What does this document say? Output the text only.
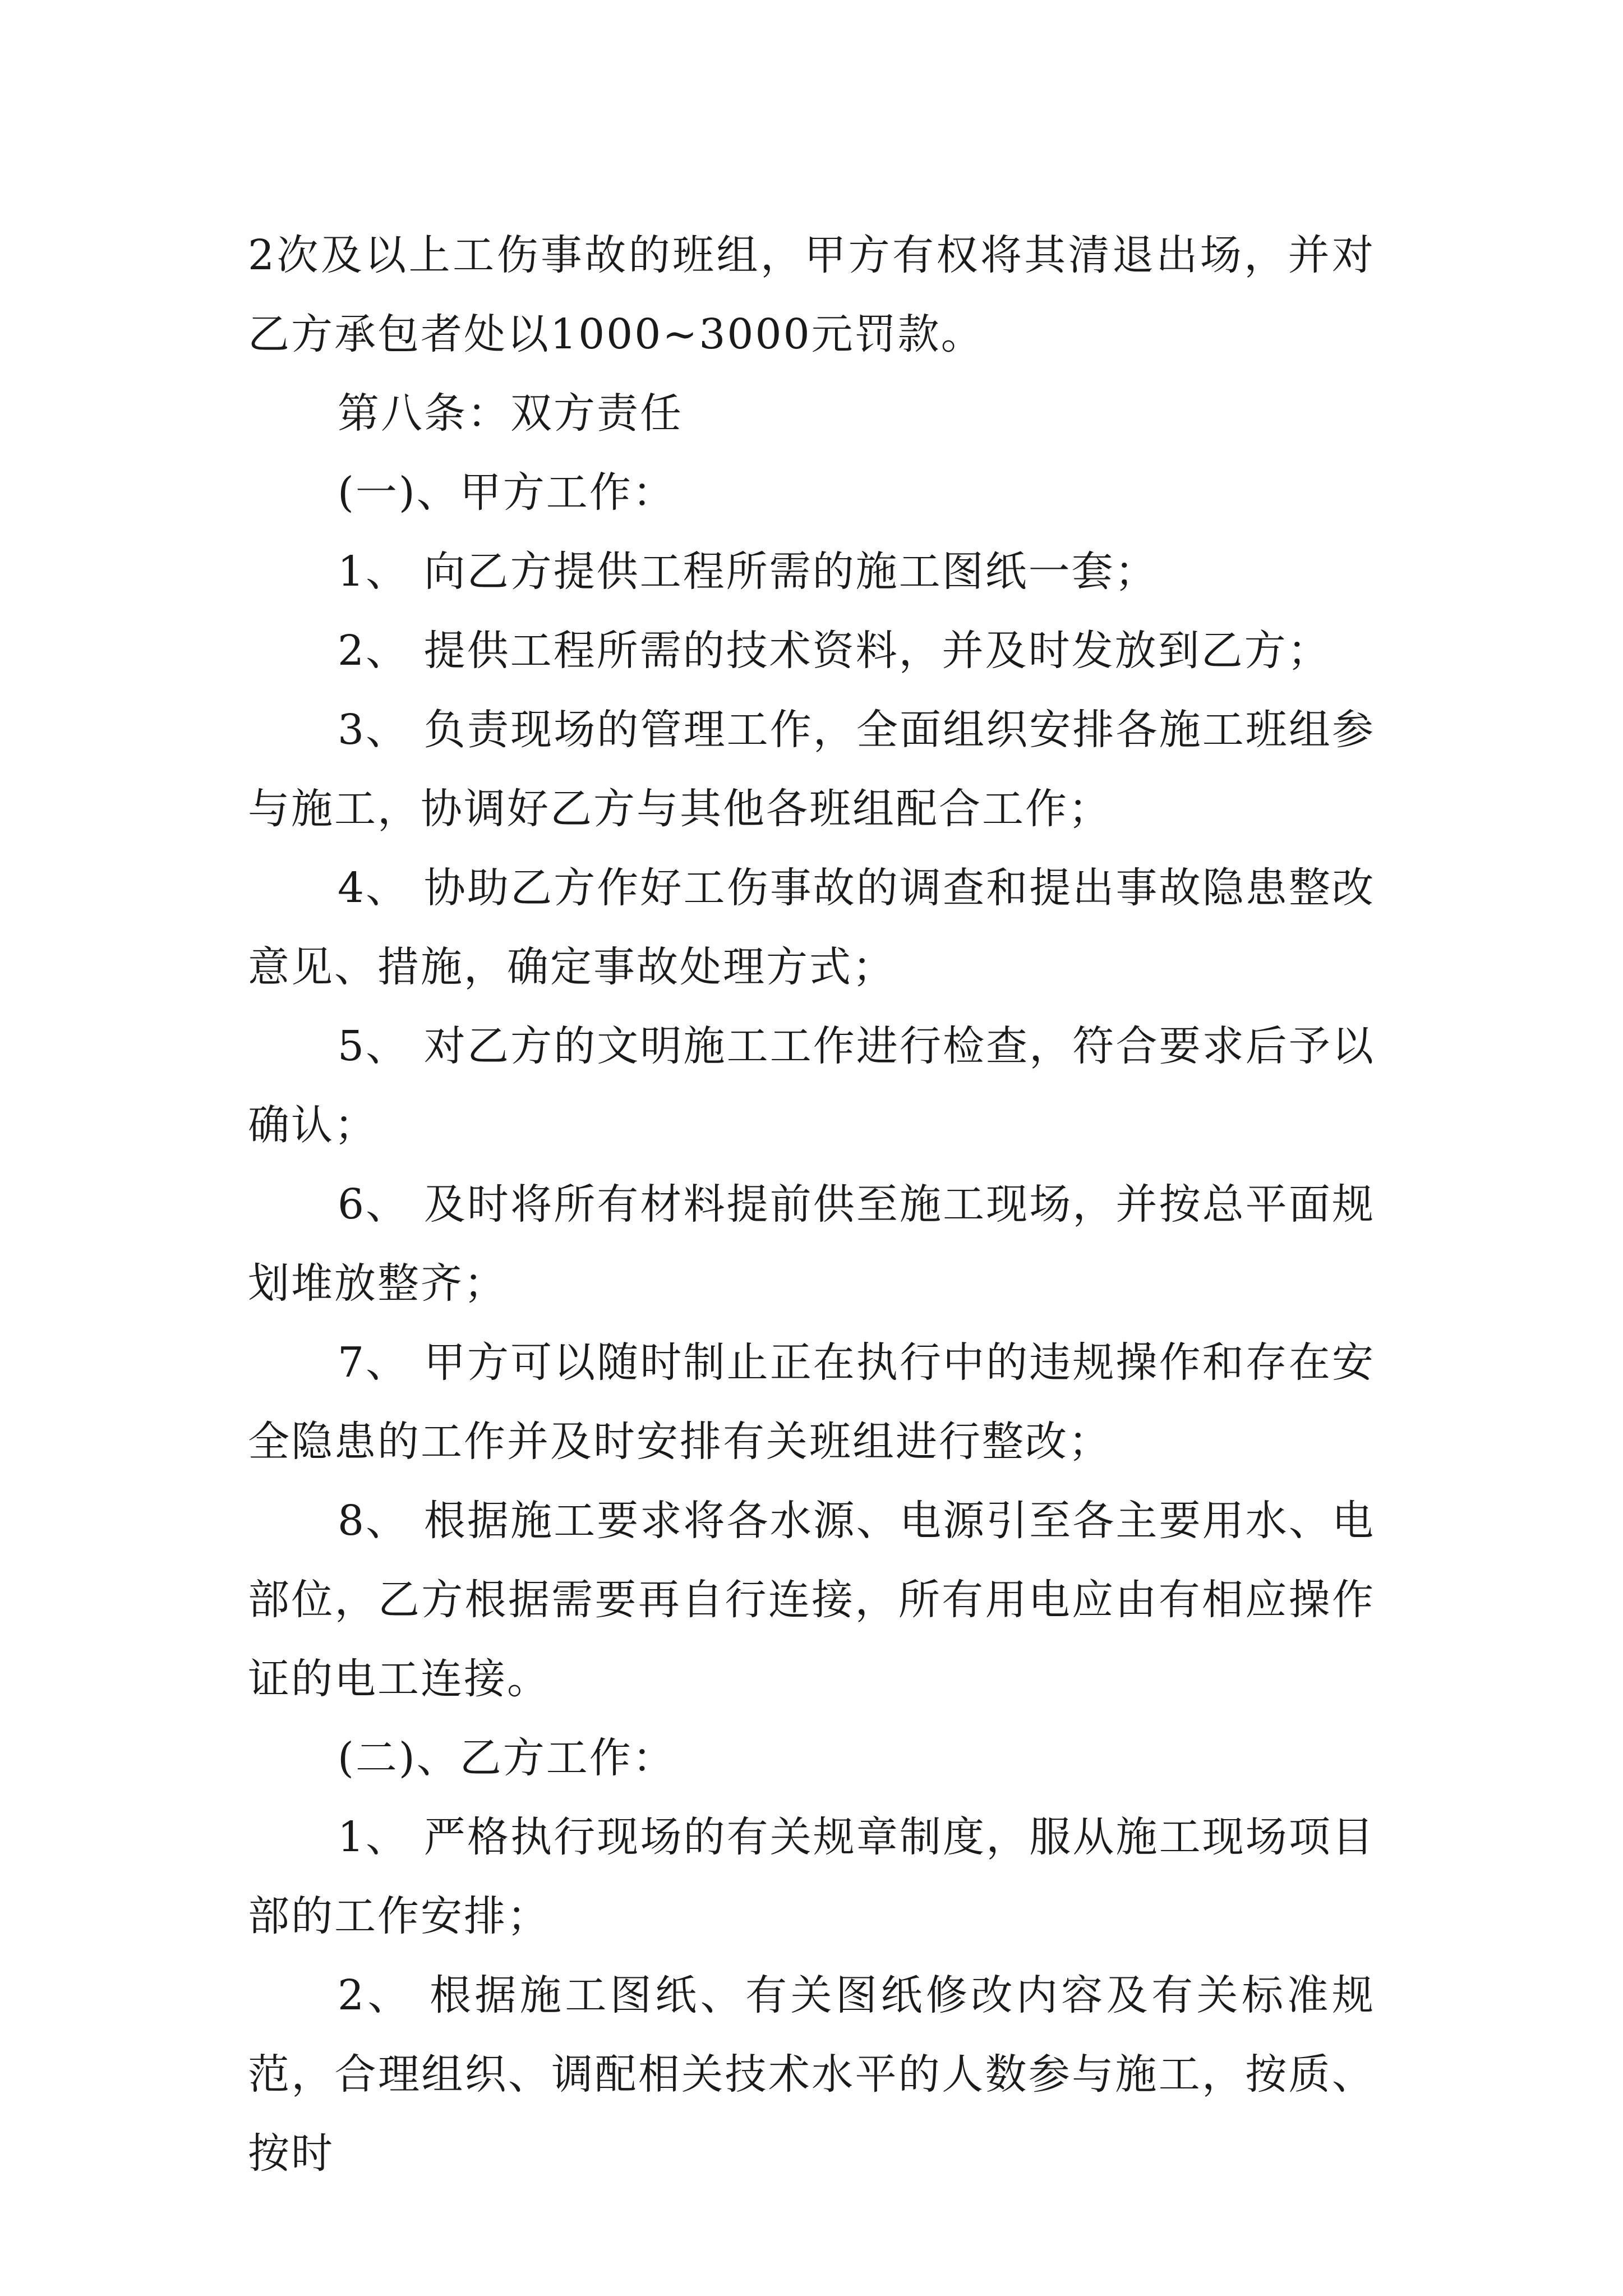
2次及以上工伤事故的班组，甲方有权将其清退出场，并对乙方承包者处以1000~3000元罚款。

第八条：双方责任

(一)、甲方工作：

1、 向乙方提供工程所需的施工图纸一套；

2、 提供工程所需的技术资料，并及时发放到乙方；

3、 负责现场的管理工作，全面组织安排各施工班组参与施工，协调好乙方与其他各班组配合工作；

4、 协助乙方作好工伤事故的调查和提出事故隐患整改意见、措施，确定事故处理方式；

5、 对乙方的文明施工工作进行检查，符合要求后予以确认；

6、 及时将所有材料提前供至施工现场，并按总平面规划堆放整齐；

7、 甲方可以随时制止正在执行中的违规操作和存在安全隐患的工作并及时安排有关班组进行整改；

8、 根据施工要求将各水源、电源引至各主要用水、电部位，乙方根据需要再自行连接，所有用电应由有相应操作证的电工连接。

(二)、乙方工作：

1、 严格执行现场的有关规章制度，服从施工现场项目部的工作安排；

2、 根据施工图纸、有关图纸修改内容及有关标准规范，合理组织、调配相关技术水平的人数参与施工，按质、按时
